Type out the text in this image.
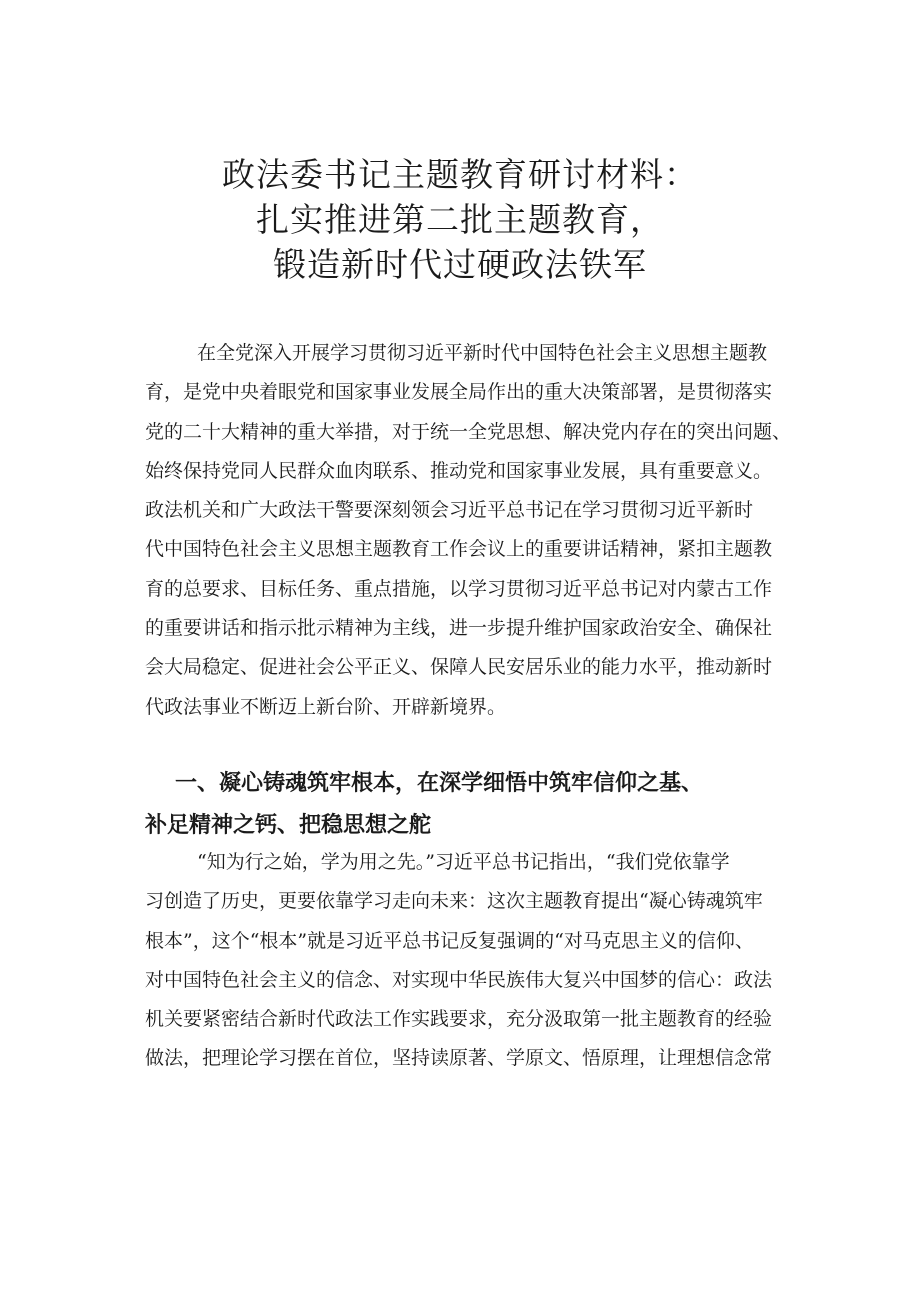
政法委书记主题教育研讨材料：
扎实推进第二批主题教育，
锻造新时代过硬政法铁军
在全党深入开展学习贯彻习近平新时代中国特色社会主义思想主题教
育，是党中央着眼党和国家事业发展全局作出的重大决策部署，是贯彻落实
党的二十大精神的重大举措，对于统一全党思想、解决党内存在的突出问题、
始终保持党同人民群众血肉联系、推动党和国家事业发展，具有重要意义。
政法机关和广大政法干警要深刻领会习近平总书记在学习贯彻习近平新时
代中国特色社会主义思想主题教育工作会议上的重要讲话精神，紧扣主题教
育的总要求、目标任务、重点措施，以学习贯彻习近平总书记对内蒙古工作
的重要讲话和指示批示精神为主线，进一步提升维护国家政治安全、确保社
会大局稳定、促进社会公平正义、保障人民安居乐业的能力水平，推动新时
代政法事业不断迈上新台阶、开辟新境界。
一、凝心铸魂筑牢根本，在深学细悟中筑牢信仰之基、
补足精神之钙、把稳思想之舵
“知为行之始，学为用之先。”习近平总书记指出，“我们党依靠学
习创造了历史，更要依靠学习走向未来：这次主题教育提出“凝心铸魂筑牢
根本”，这个“根本”就是习近平总书记反复强调的“对马克思主义的信仰、
对中国特色社会主义的信念、对实现中华民族伟大复兴中国梦的信心：政法
机关要紧密结合新时代政法工作实践要求，充分汲取第一批主题教育的经验
做法，把理论学习摆在首位，坚持读原著、学原文、悟原理，让理想信念常
